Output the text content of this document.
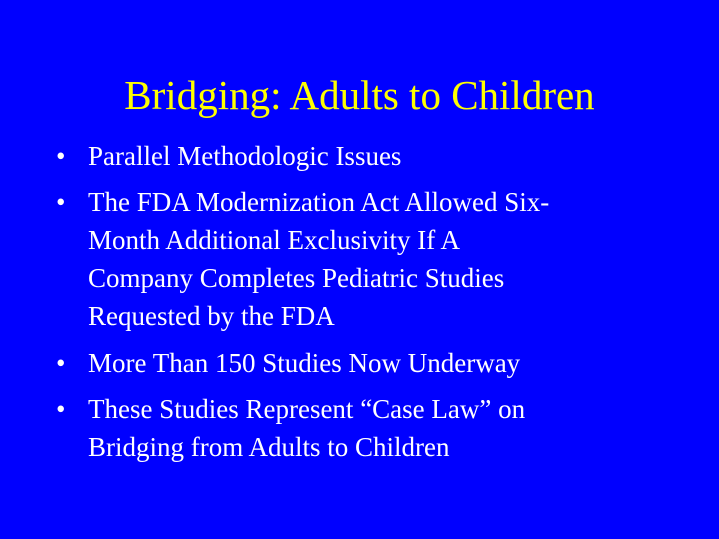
Bridging: Adults to Children
• Parallel Methodologic Issues
• The FDA Modernization Act Allowed Six-
Month Additional Exclusivity If A
Company Completes Pediatric Studies
Requested by the FDA
• More Than 150 Studies Now Underway
• These Studies Represent “Case Law” on
Bridging from Adults to Children
